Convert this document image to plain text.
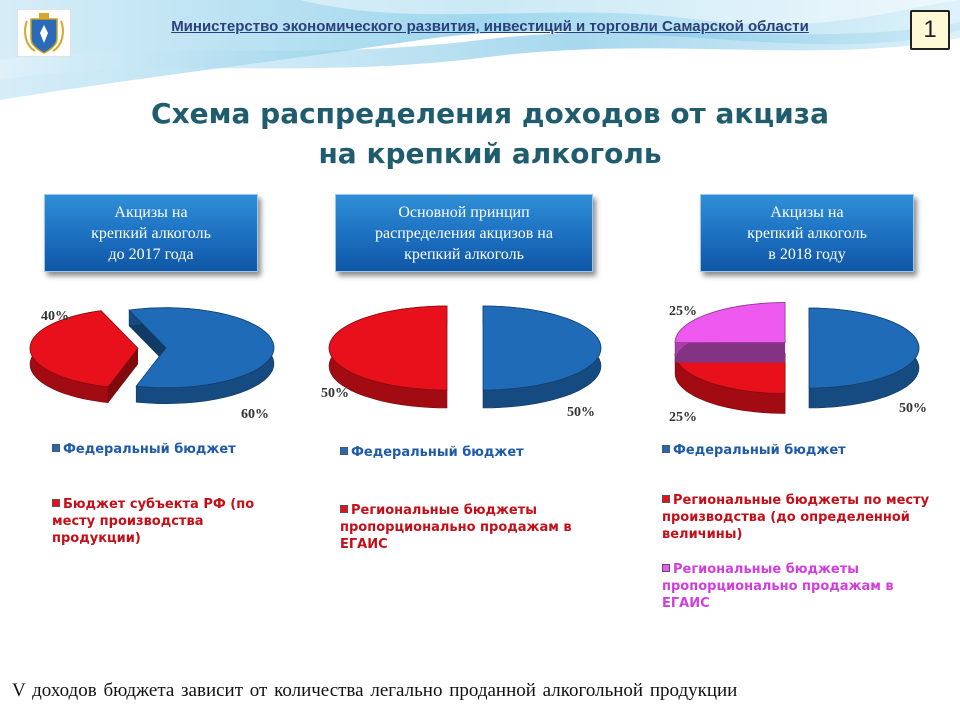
Министерство экономического развития, инвестиций и торговли Самарской области	1
Схема распределения доходов от акциза
на крепкий алкоголь
Акцизы на
крепкий алкоголь
до 2017 года
Основной принцип
распределения акцизов на
крепкий алкоголь
Акцизы на
крепкий алкоголь
в 2018 году
60%
40%
50%
50%
50%
25%
25%
Федеральный бюджет
Бюджет субъекта РФ (по месту производства продукции)
Федеральный бюджет
Региональные бюджеты пропорционально продажам в ЕГАИС
Федеральный бюджет
Региональные бюджеты по месту производства (до определенной величины)
Региональные бюджеты пропорционально продажам в ЕГАИС
V доходов бюджета зависит от количества легально проданной алкогольной продукции
